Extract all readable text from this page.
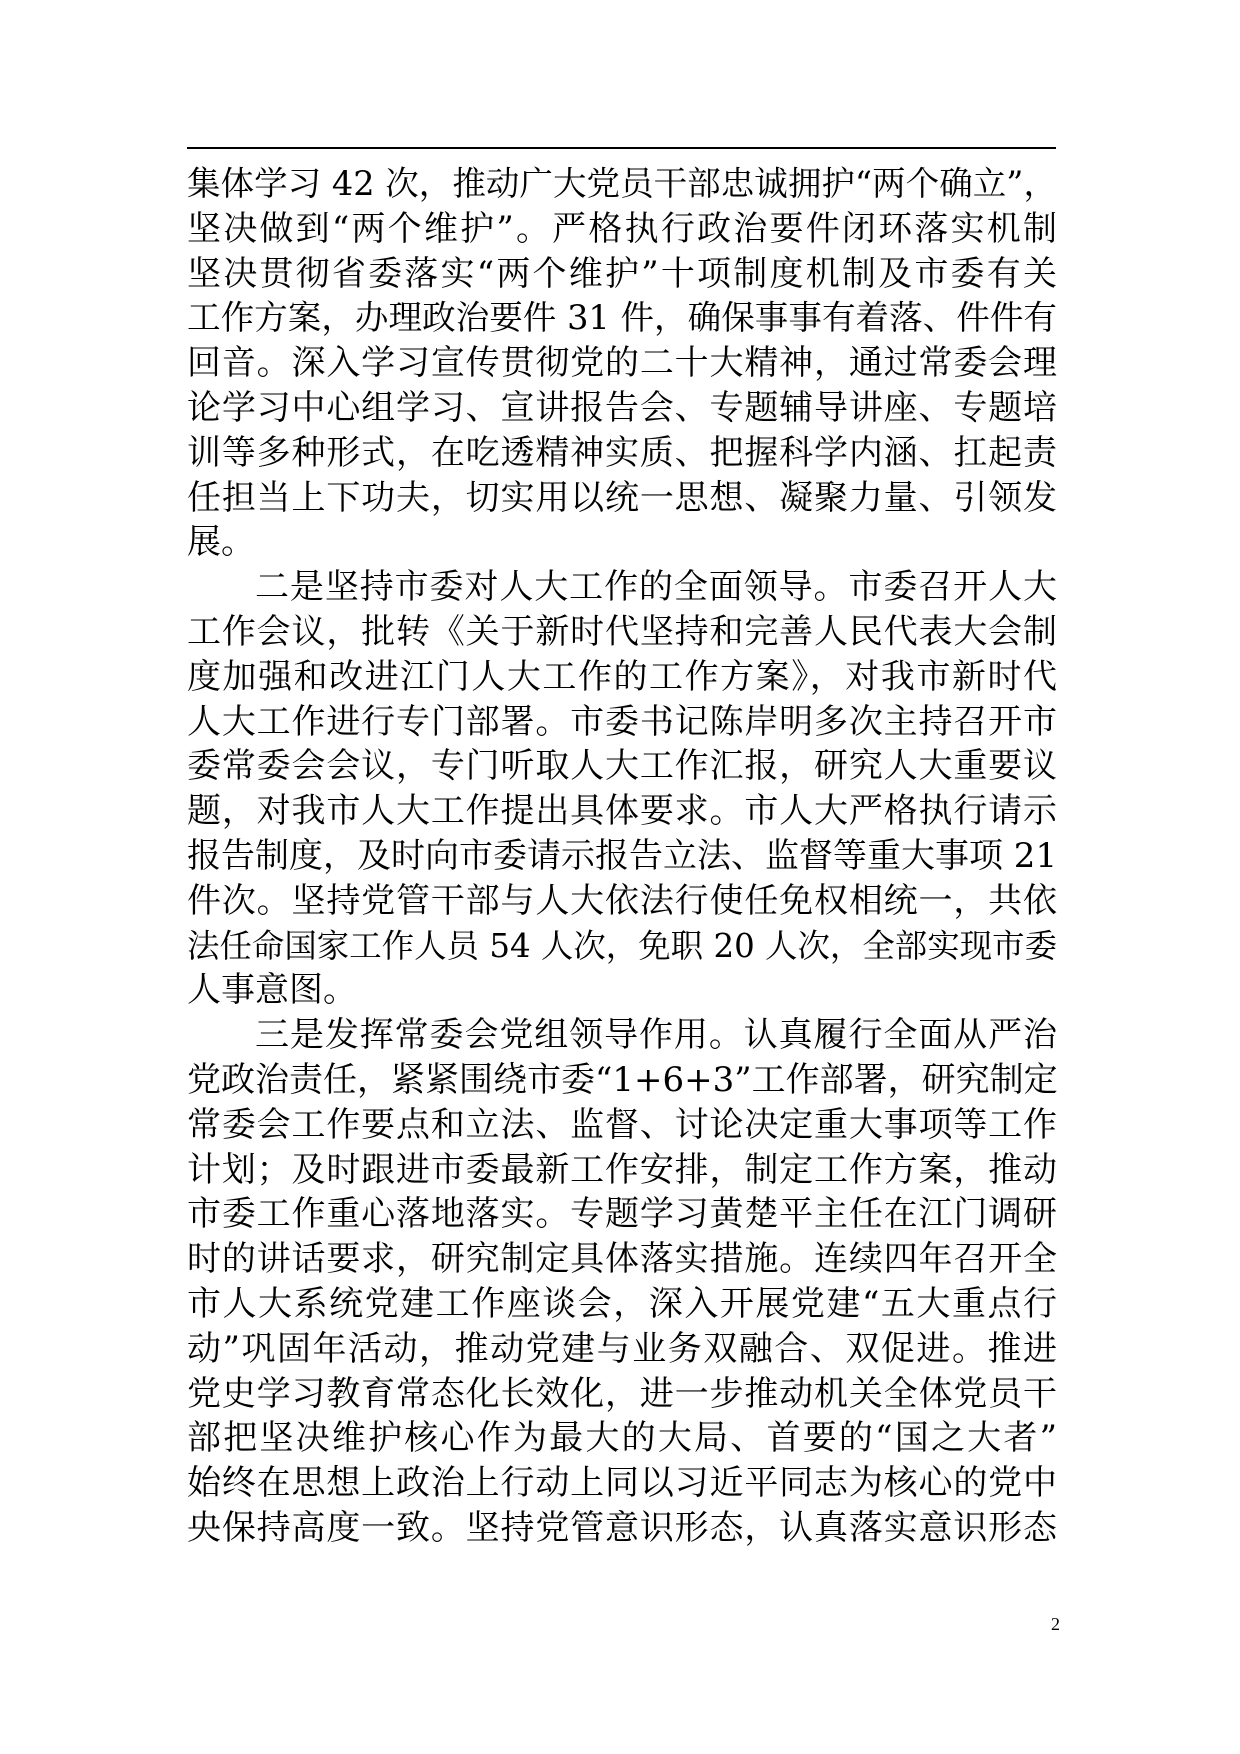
集体学习 42 次，推动广大党员干部忠诚拥护“两个确立”，
坚决做到“两个维护”。严格执行政治要件闭环落实机制
坚决贯彻省委落实“两个维护”十项制度机制及市委有关
工作方案，办理政治要件 31 件，确保事事有着落、件件有
回音。深入学习宣传贯彻党的二十大精神，通过常委会理
论学习中心组学习、宣讲报告会、专题辅导讲座、专题培
训等多种形式，在吃透精神实质、把握科学内涵、扛起责
任担当上下功夫，切实用以统一思想、凝聚力量、引领发
展。
二是坚持市委对人大工作的全面领导。市委召开人大
工作会议，批转《关于新时代坚持和完善人民代表大会制
度加强和改进江门人大工作的工作方案》，对我市新时代
人大工作进行专门部署。市委书记陈岸明多次主持召开市
委常委会会议，专门听取人大工作汇报，研究人大重要议
题，对我市人大工作提出具体要求。市人大严格执行请示
报告制度，及时向市委请示报告立法、监督等重大事项 21
件次。坚持党管干部与人大依法行使任免权相统一，共依
法任命国家工作人员 54 人次，免职 20 人次，全部实现市委
人事意图。
三是发挥常委会党组领导作用。认真履行全面从严治
党政治责任，紧紧围绕市委“1+6+3”工作部署，研究制定
常委会工作要点和立法、监督、讨论决定重大事项等工作
计划；及时跟进市委最新工作安排，制定工作方案，推动
市委工作重心落地落实。专题学习黄楚平主任在江门调研
时的讲话要求，研究制定具体落实措施。连续四年召开全
市人大系统党建工作座谈会，深入开展党建“五大重点行
动”巩固年活动，推动党建与业务双融合、双促进。推进
党史学习教育常态化长效化，进一步推动机关全体党员干
部把坚决维护核心作为最大的大局、首要的“国之大者”
始终在思想上政治上行动上同以习近平同志为核心的党中
央保持高度一致。坚持党管意识形态，认真落实意识形态
2
